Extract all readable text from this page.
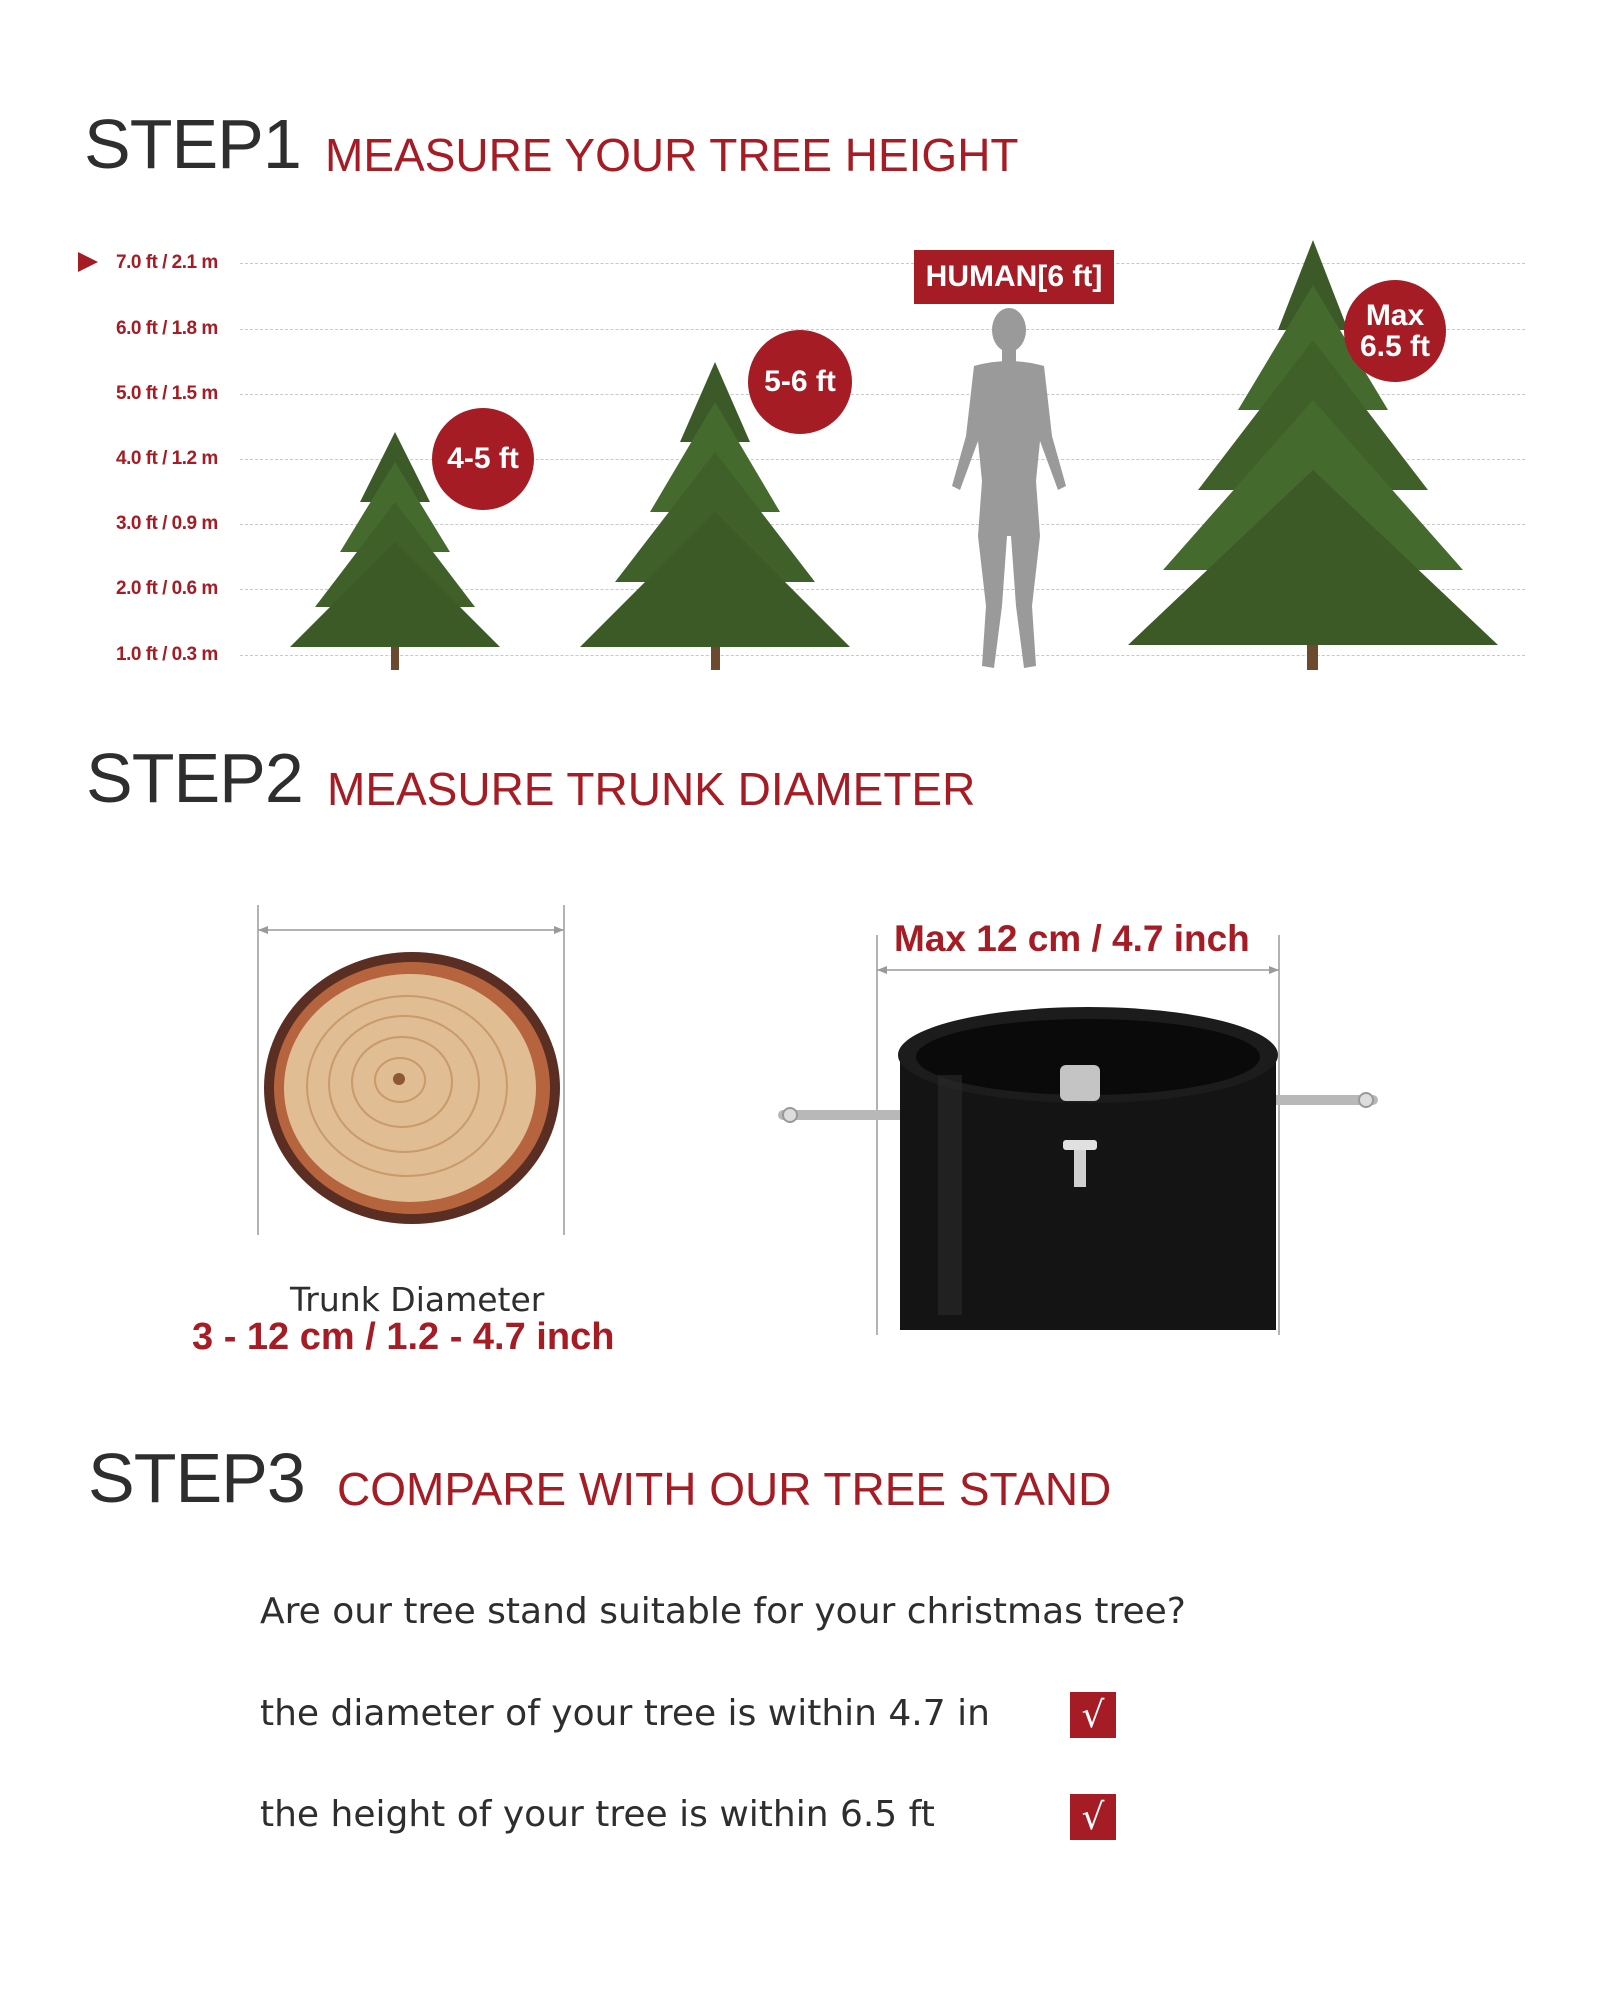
STEP1 MEASURE YOUR TREE HEIGHT
7.0 ft / 2.1 m
6.0 ft / 1.8 m
5.0 ft / 1.5 m
4.0 ft / 1.2 m
3.0 ft / 0.9 m
2.0 ft / 0.6 m
1.0 ft / 0.3 m
4-5 ft
5-6 ft
HUMAN[6 ft]
Max
6.5 ft
STEP2 MEASURE TRUNK DIAMETER
Trunk Diameter
3 - 12 cm / 1.2 - 4.7 inch
Max 12 cm / 4.7 inch
STEP3 COMPARE WITH OUR TREE STAND
Are our tree stand suitable for your christmas tree?
the diameter of your tree is within 4.7 in	√
the height of your tree is within 6.5 ft	√
